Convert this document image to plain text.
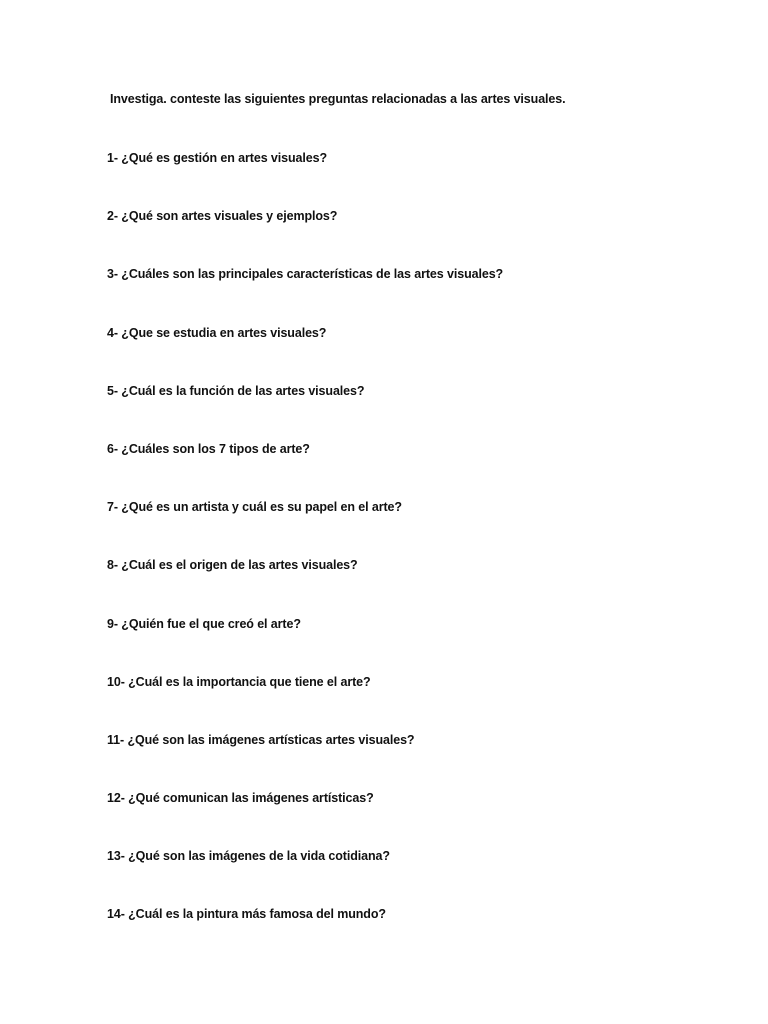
Investiga. conteste las siguientes preguntas relacionadas a las artes visuales.

1- ¿Qué es gestión en artes visuales?
2- ¿Qué son artes visuales y ejemplos?
3- ¿Cuáles son las principales características de las artes visuales?
4- ¿Que se estudia en artes visuales?
5- ¿Cuál es la función de las artes visuales?
6- ¿Cuáles son los 7 tipos de arte?
7- ¿Qué es un artista y cuál es su papel en el arte?
8- ¿Cuál es el origen de las artes visuales?
9- ¿Quién fue el que creó el arte?
10- ¿Cuál es la importancia que tiene el arte?
11- ¿Qué son las imágenes artísticas artes visuales?
12- ¿Qué comunican las imágenes artísticas?
13- ¿Qué son las imágenes de la vida cotidiana?
14- ¿Cuál es la pintura más famosa del mundo?
